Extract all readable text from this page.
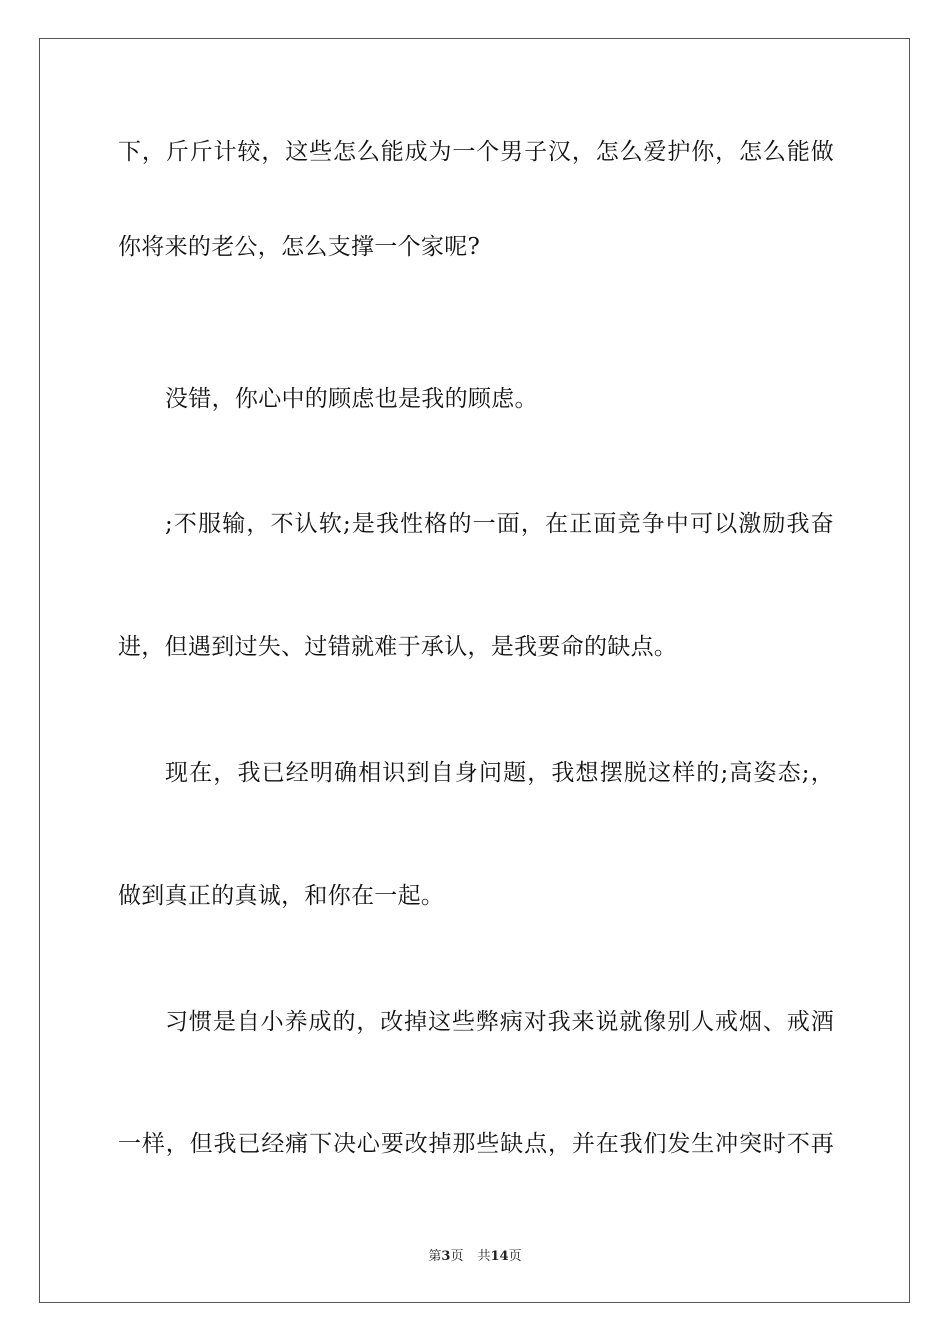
下，斤斤计较，这些怎么能成为一个男子汉，怎么爱护你，怎么能做
你将来的老公，怎么支撑一个家呢?
没错，你心中的顾虑也是我的顾虑。
;不服输，不认软;是我性格的一面，在正面竞争中可以激励我奋
进，但遇到过失、过错就难于承认，是我要命的缺点。
现在，我已经明确相识到自身问题，我想摆脱这样的;高姿态;，
做到真正的真诚，和你在一起。
习惯是自小养成的，改掉这些弊病对我来说就像别人戒烟、戒酒
一样，但我已经痛下决心要改掉那些缺点，并在我们发生冲突时不再
第3页 共14页
